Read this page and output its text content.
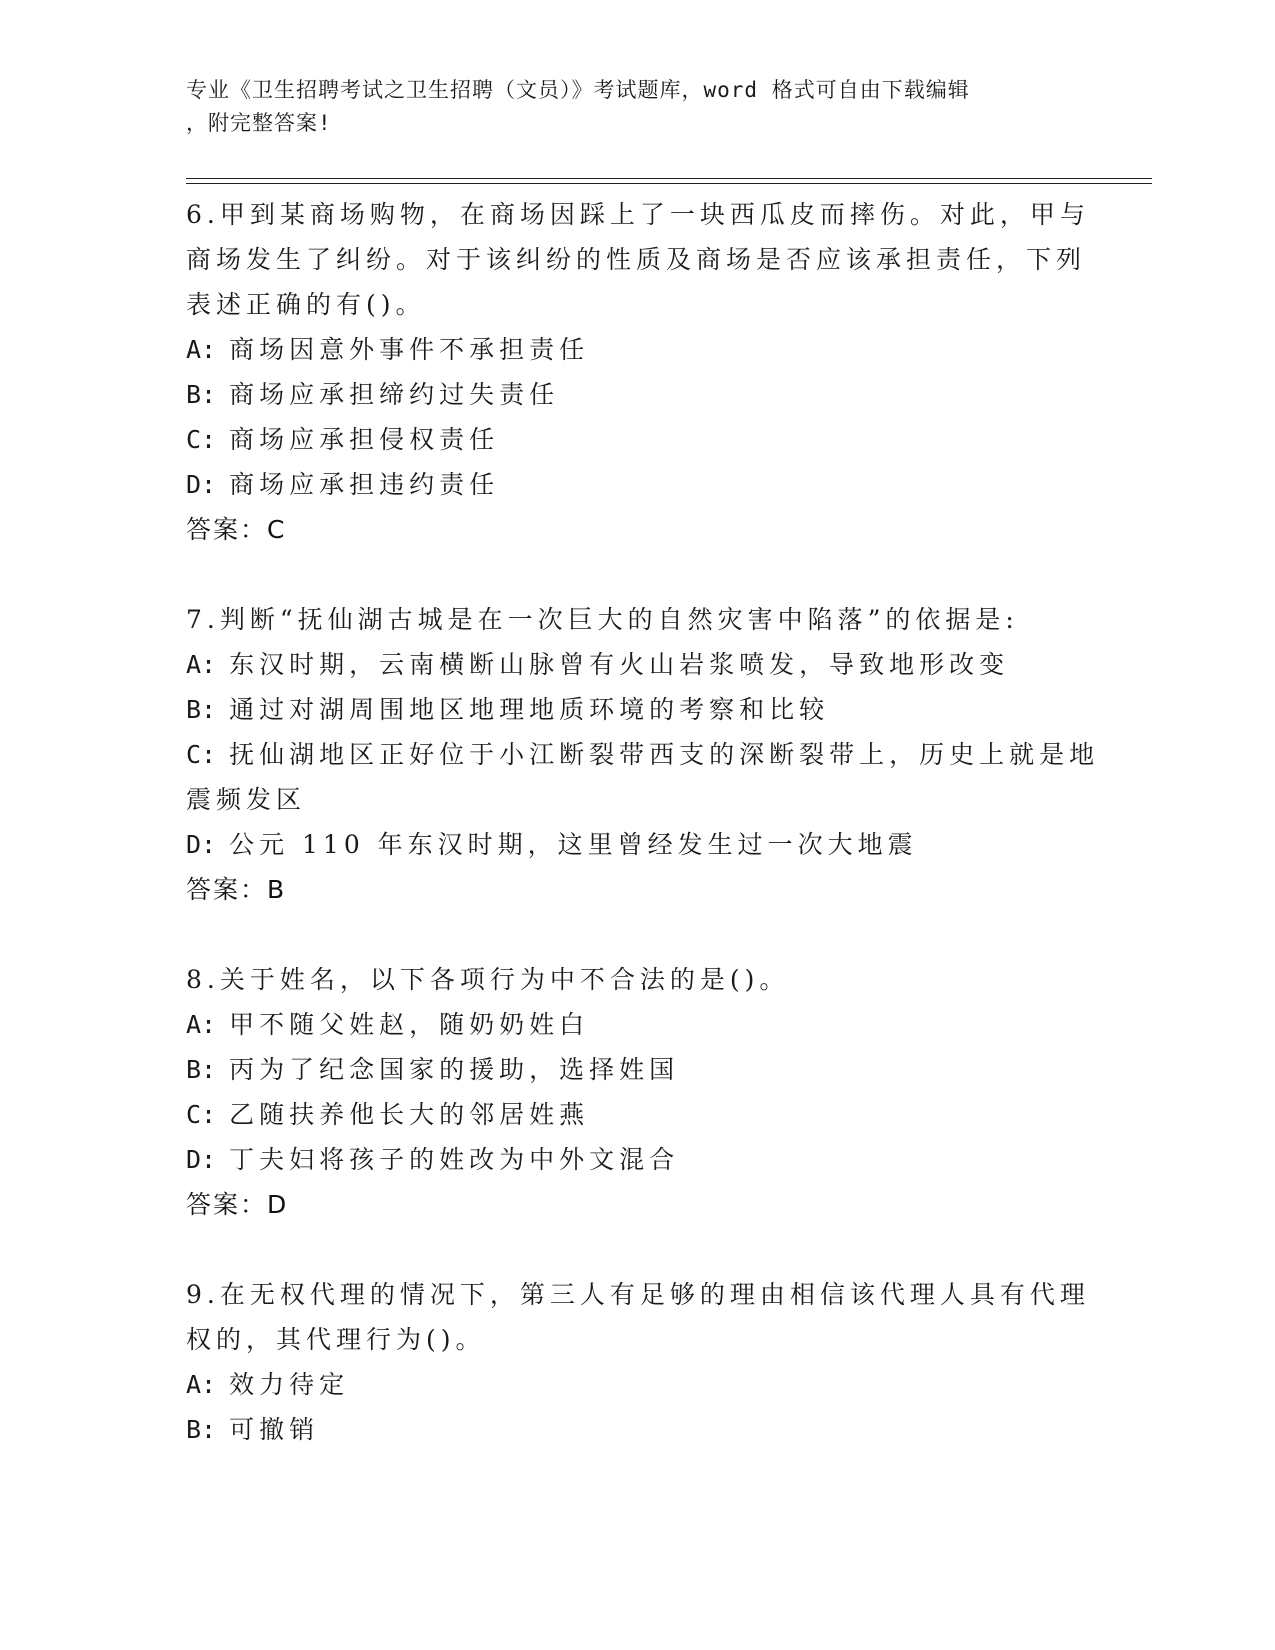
专业《卫生招聘考试之卫生招聘（文员）》考试题库，word 格式可自由下载编辑
，附完整答案!
6.甲到某商场购物，在商场因踩上了一块西瓜皮而摔伤。对此，甲与
商场发生了纠纷。对于该纠纷的性质及商场是否应该承担责任，下列
表述正确的有()。
A: 商场因意外事件不承担责任
B: 商场应承担缔约过失责任
C: 商场应承担侵权责任
D: 商场应承担违约责任
答案：C
7.判断“抚仙湖古城是在一次巨大的自然灾害中陷落”的依据是:
A: 东汉时期，云南横断山脉曾有火山岩浆喷发，导致地形改变
B: 通过对湖周围地区地理地质环境的考察和比较
C: 抚仙湖地区正好位于小江断裂带西支的深断裂带上，历史上就是地
震频发区
D: 公元 110 年东汉时期，这里曾经发生过一次大地震
答案：B
8.关于姓名，以下各项行为中不合法的是()。
A: 甲不随父姓赵，随奶奶姓白
B: 丙为了纪念国家的援助，选择姓国
C: 乙随扶养他长大的邻居姓燕
D: 丁夫妇将孩子的姓改为中外文混合
答案：D
9.在无权代理的情况下，第三人有足够的理由相信该代理人具有代理
权的，其代理行为()。
A: 效力待定
B: 可撤销
